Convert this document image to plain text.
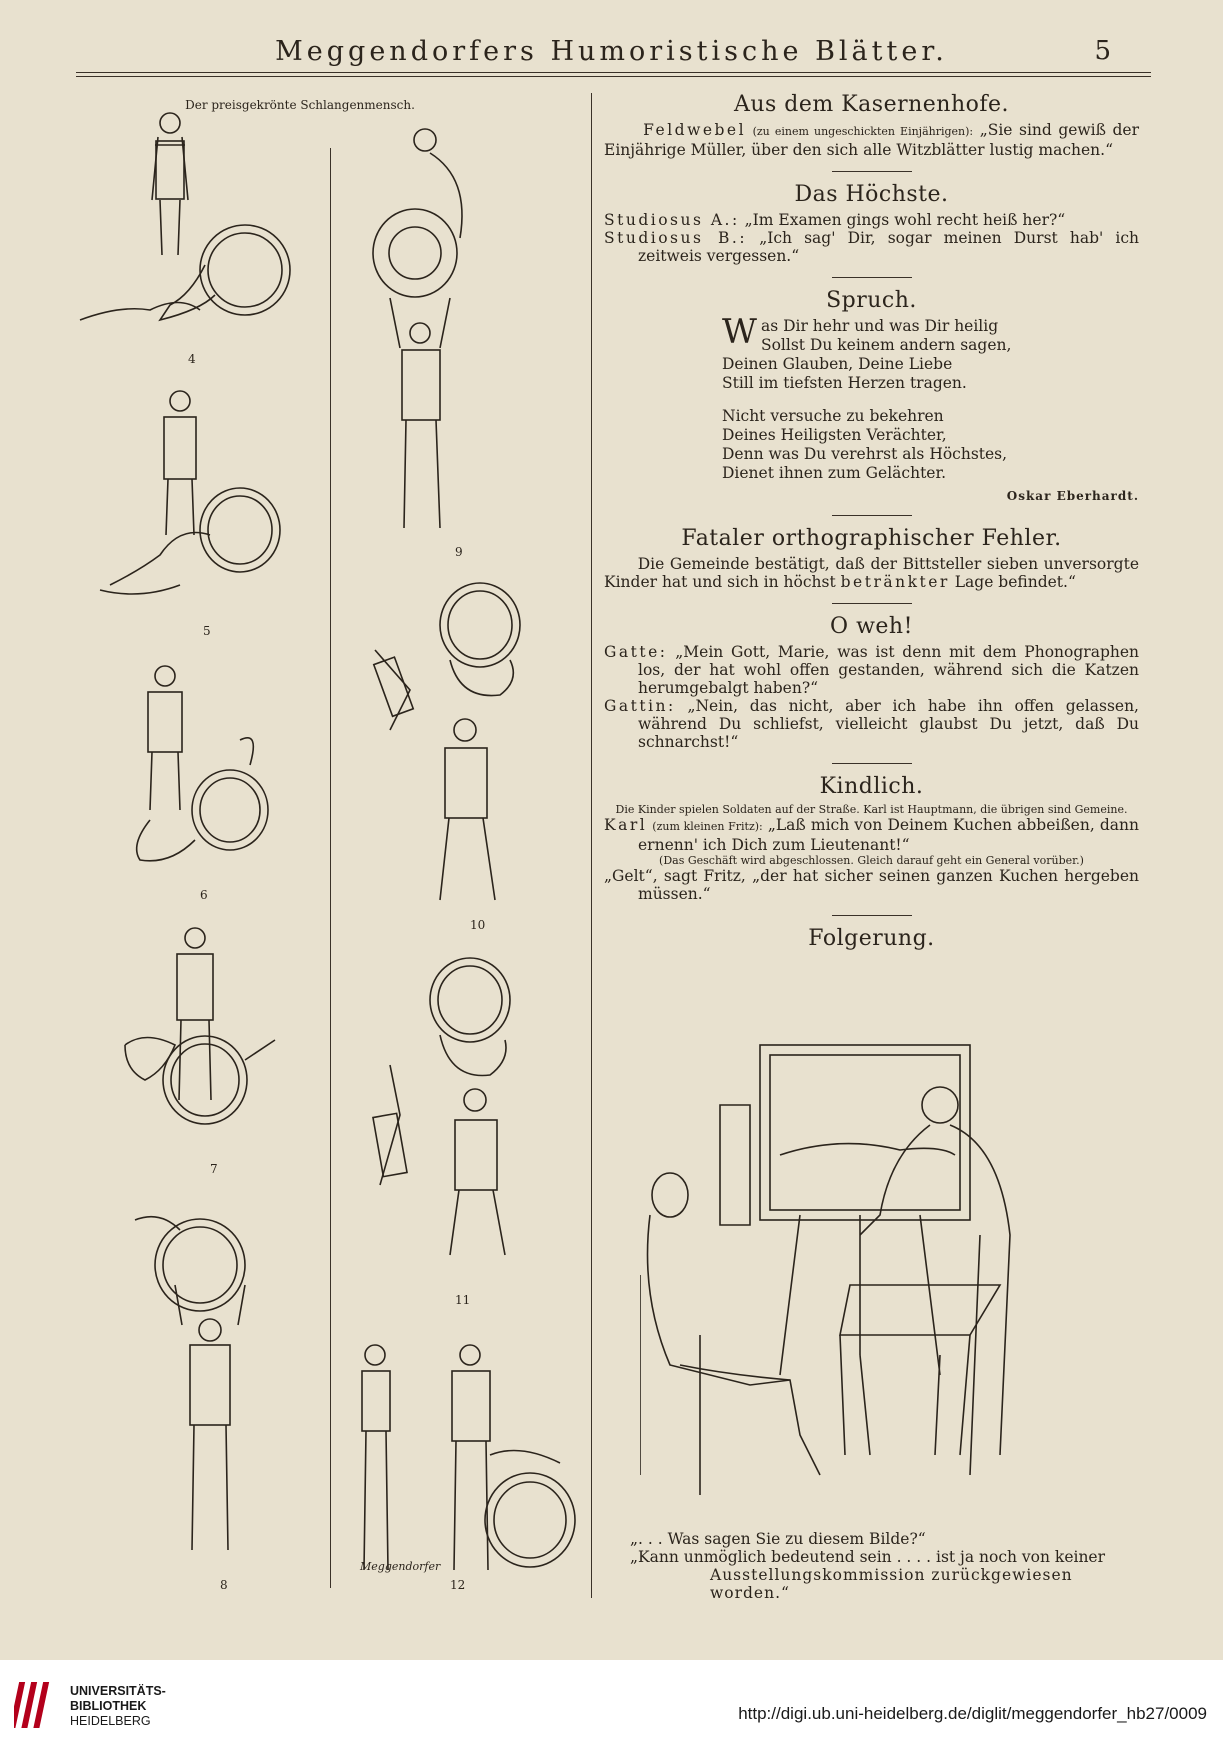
Meggendorfers Humoristische Blätter.	5
Der preisgekrönte Schlangenmensch.
4
5
6
7
8
9
10
11
12
Meggendorfer
Aus dem Kasernenhofe.

Feldwebel (zu einem ungeschickten Einjährigen): „Sie sind gewiß der Einjährige Müller, über den sich alle Witzblätter lustig machen.“

Das Höchste.

Studiosus A.: „Im Examen gings wohl recht heiß her?“

Studiosus B.: „Ich sag' Dir, sogar meinen Durst hab' ich zeitweis vergessen.“

Spruch.

Was Dir hehr und was Dir heilig

Sollst Du keinem andern sagen,

Deinen Glauben, Deine Liebe

Still im tiefsten Herzen tragen.

Nicht versuche zu bekehren

Deines Heiligsten Verächter,

Denn was Du verehrst als Höchstes,

Dienet ihnen zum Gelächter.

Oskar Eberhardt.
Fataler orthographischer Fehler.

Die Gemeinde bestätigt, daß der Bittsteller sieben unversorgte Kinder hat und sich in höchst betränkter Lage befindet.“

O weh!

Gatte: „Mein Gott, Marie, was ist denn mit dem Phonographen los, der hat wohl offen gestanden, während sich die Katzen herumgebalgt haben?“

Gattin: „Nein, das nicht, aber ich habe ihn offen gelassen, während Du schliefst, vielleicht glaubst Du jetzt, daß Du schnarchst!“

Kindlich.

Die Kinder spielen Soldaten auf der Straße. Karl ist Hauptmann, die übrigen sind Gemeine.

Karl (zum kleinen Fritz): „Laß mich von Deinem Kuchen abbeißen, dann ernenn' ich Dich zum Lieutenant!“

(Das Geschäft wird abgeschlossen. Gleich darauf geht ein General vorüber.)

„Gelt“, sagt Fritz, „der hat sicher seinen ganzen Kuchen hergeben müssen.“

Folgerung.
„. . . Was sagen Sie zu diesem Bilde?“
„Kann unmöglich bedeutend sein . . . . ist ja noch von keiner
Ausstellungskommission zurückgewiesen worden.“
UNIVERSITÄTS-
BIBLIOTHEK
HEIDELBERG	http://digi.ub.uni-heidelberg.de/diglit/meggendorfer_hb27/0009
